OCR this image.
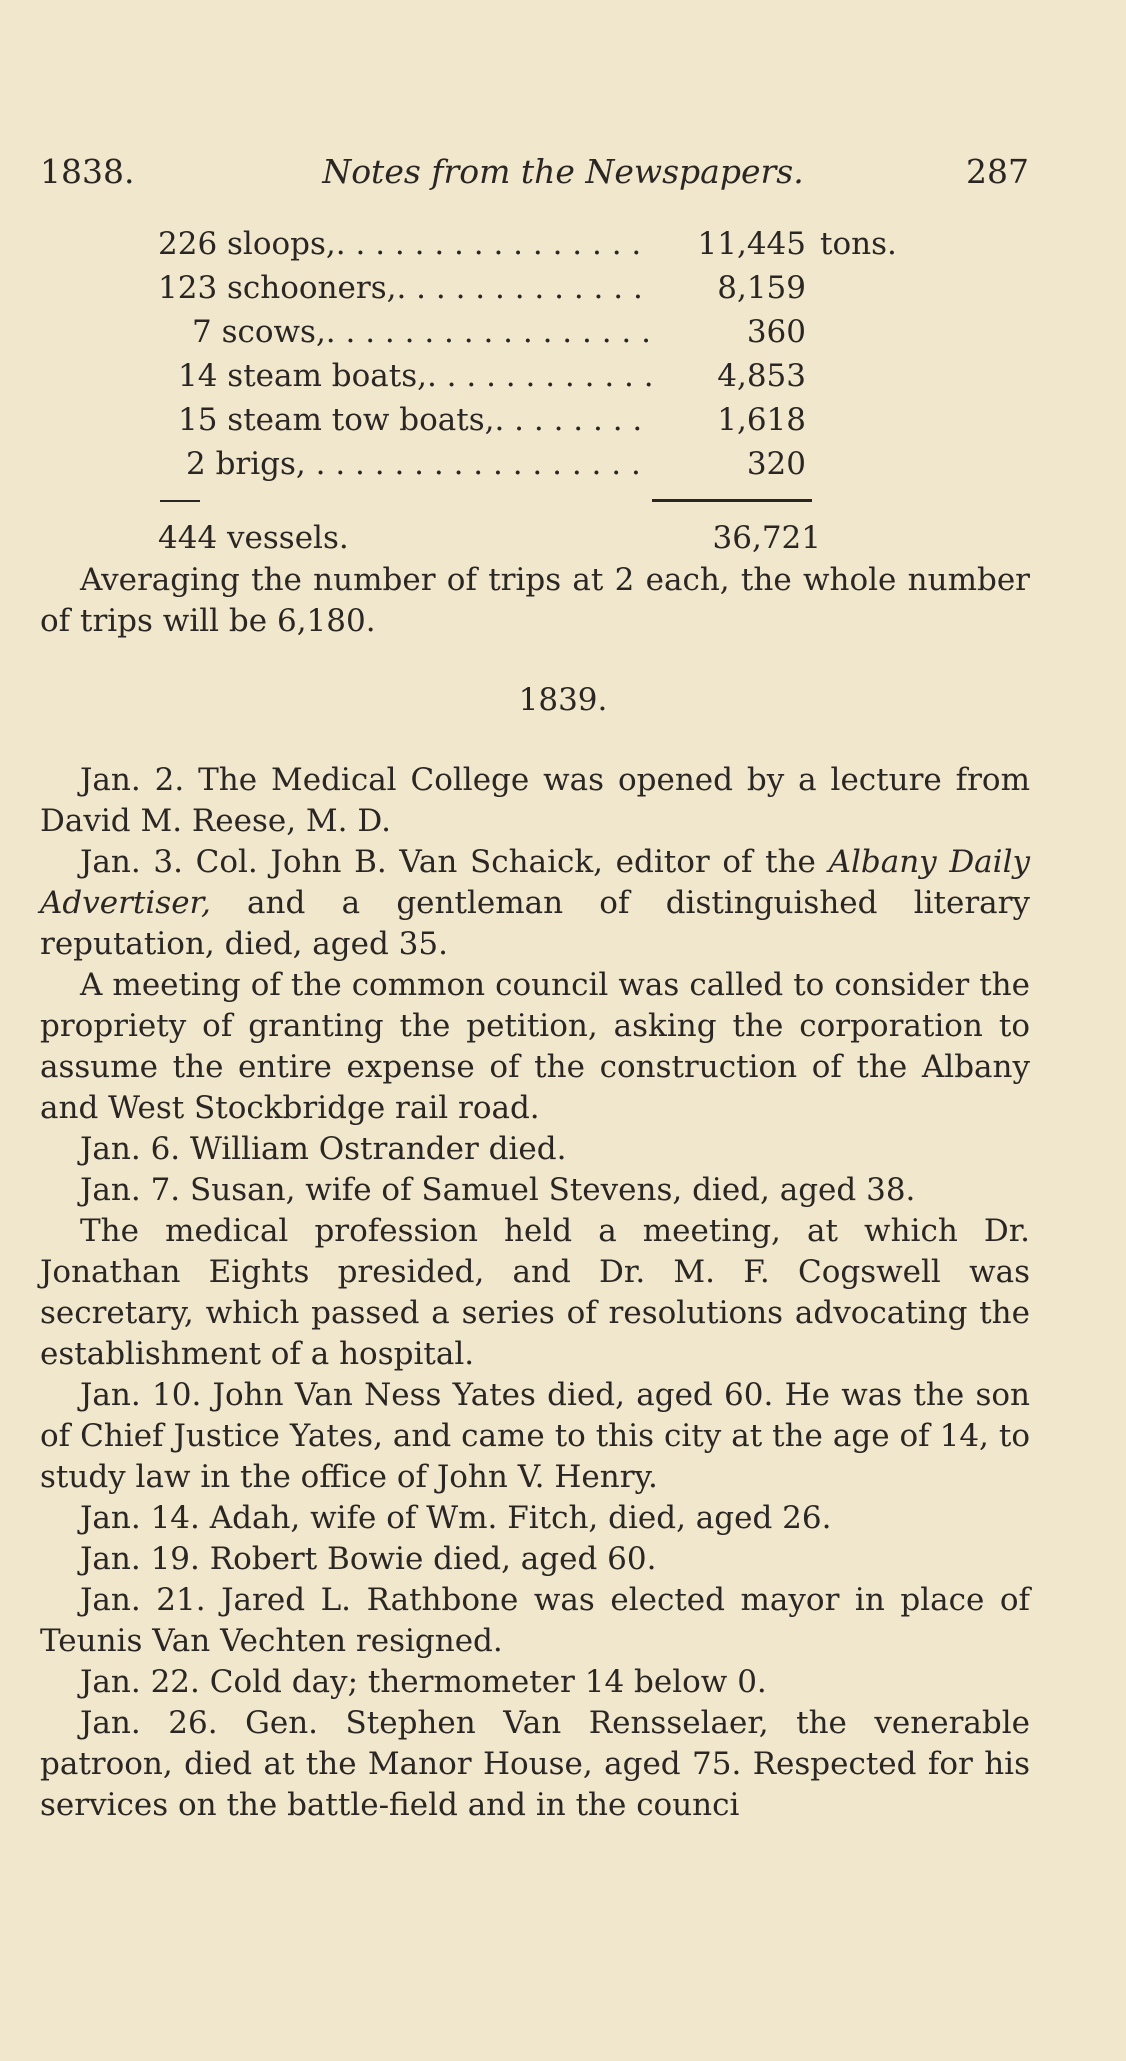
1838.	Notes from the Newspapers.	287
226 sloops,. . . . . . . . . . . . . . . . 11,445 tons.
123 schooners,. . . . . . . . . . . . . 8,159
7 scows,. . . . . . . . . . . . . . . . .	360
14 steam boats,. . . . . . . . . . . . 4,853
15 steam tow boats,. . . . . . . . 1,618
2 brigs, . . . . . . . . . . . . . . . . .	320
444 vessels.	36,721

Averaging the number of trips at 2 each, the whole number of trips will be 6,180.

1839.

Jan. 2. The Medical College was opened by a lecture from David M. Reese, M. D.

Jan. 3. Col. John B. Van Schaick, editor of the Albany Daily Advertiser, and a gentleman of distinguished literary reputation, died, aged 35.

A meeting of the common council was called to consider the propriety of granting the petition, asking the corporation to assume the entire expense of the construction of the Albany and West Stockbridge rail road.

Jan. 6. William Ostrander died.

Jan. 7. Susan, wife of Samuel Stevens, died, aged 38.

The medical profession held a meeting, at which Dr. Jonathan Eights presided, and Dr. M. F. Cogswell was secretary, which passed a series of resolutions advocating the establishment of a hospital.

Jan. 10. John Van Ness Yates died, aged 60. He was the son of Chief Justice Yates, and came to this city at the age of 14, to study law in the office of John V. Henry.

Jan. 14. Adah, wife of Wm. Fitch, died, aged 26.

Jan. 19. Robert Bowie died, aged 60.

Jan. 21. Jared L. Rathbone was elected mayor in place of Teunis Van Vechten resigned.

Jan. 22. Cold day; thermometer 14 below 0.

Jan. 26. Gen. Stephen Van Rensselaer, the venerable patroon, died at the Manor House, aged 75. Respected for his services on the battle-field and in the counci
